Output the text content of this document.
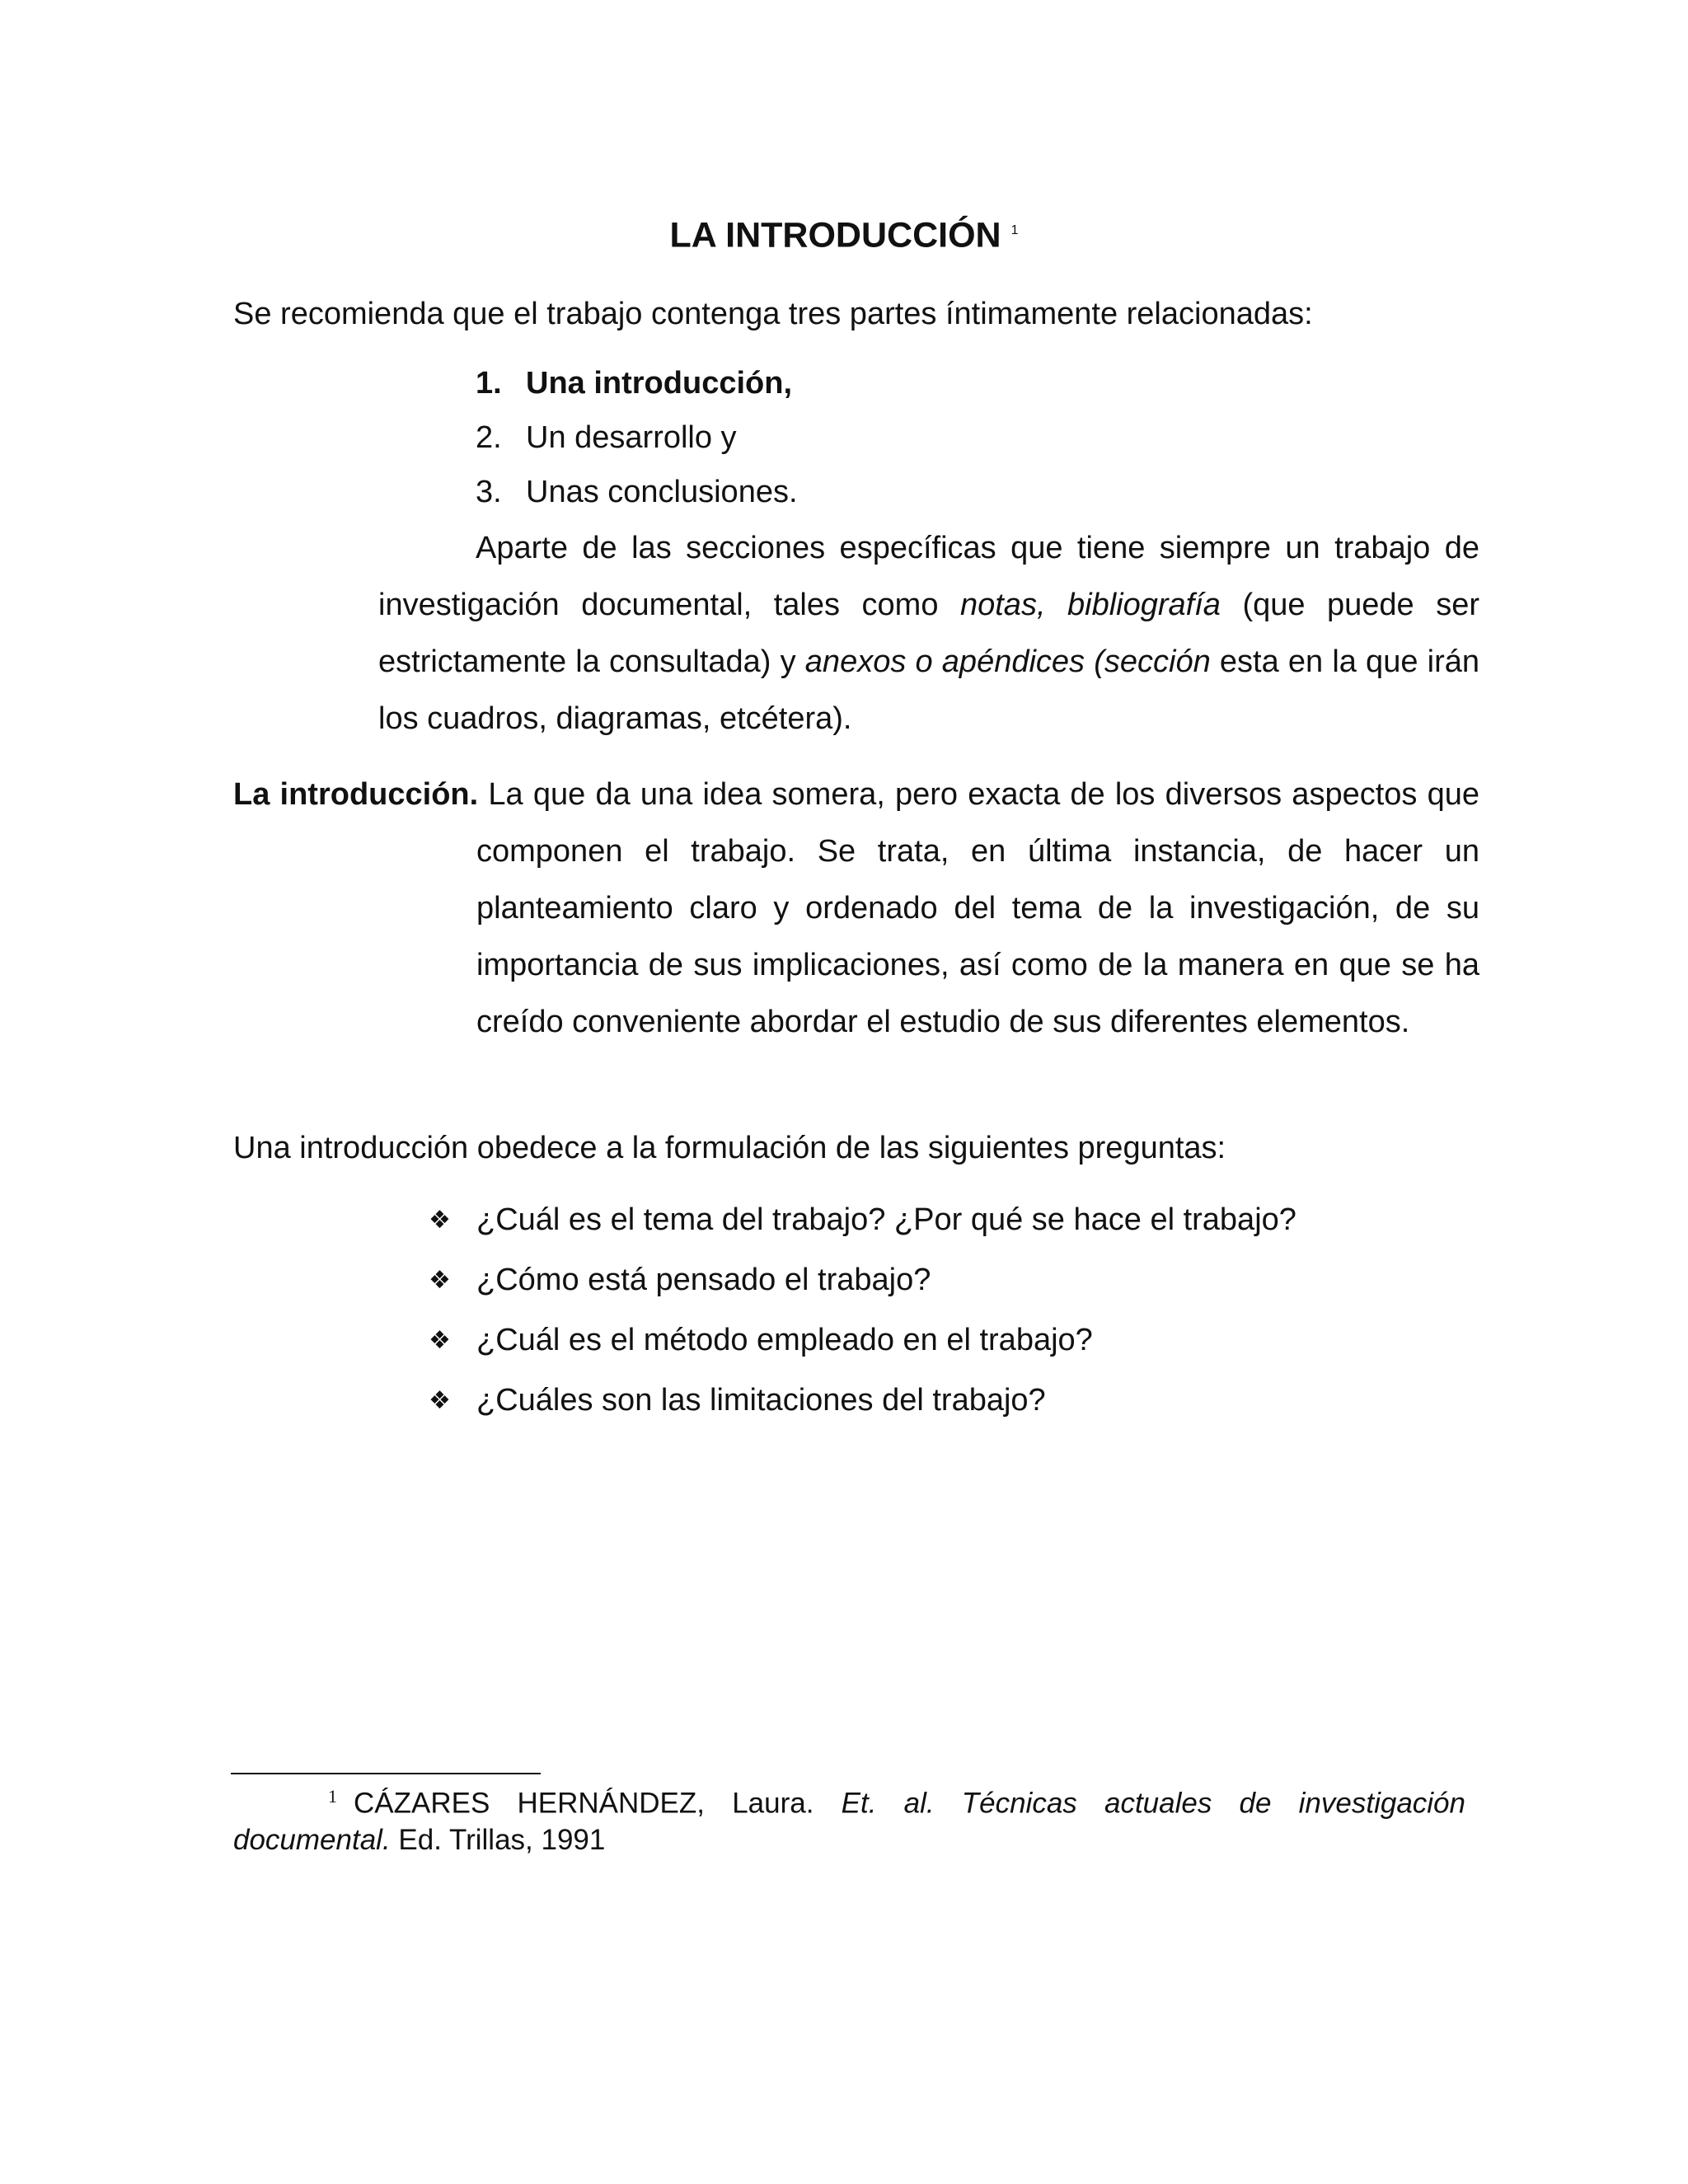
LA INTRODUCCIÓN $^1$

Se recomienda que el trabajo contenga tres partes íntimamente relacionadas:

1. Una introducción,
2. Un desarrollo y
3. Unas conclusiones.

Aparte de las secciones específicas que tiene siempre un trabajo de investigación documental, tales como notas, bibliografía (que puede ser estrictamente la consultada) y anexos o apéndices (sección esta en la que irán los cuadros, diagramas, etcétera).

La introducción. La que da una idea somera, pero exacta de los diversos aspectos que componen el trabajo. Se trata, en última instancia, de hacer un planteamiento claro y ordenado del tema de la investigación, de su importancia de sus implicaciones, así como de la manera en que se ha creído conveniente abordar el estudio de sus diferentes elementos.

Una introducción obedece a la formulación de las siguientes preguntas:

❖ ¿Cuál es el tema del trabajo? ¿Por qué se hace el trabajo?
❖ ¿Cómo está pensado el trabajo?
❖ ¿Cuál es el método empleado en el trabajo?
❖ ¿Cuáles son las limitaciones del trabajo?

$^1$ CÁZARES HERNÁNDEZ, Laura. Et. al. Técnicas actuales de investigación documental. Ed. Trillas, 1991
